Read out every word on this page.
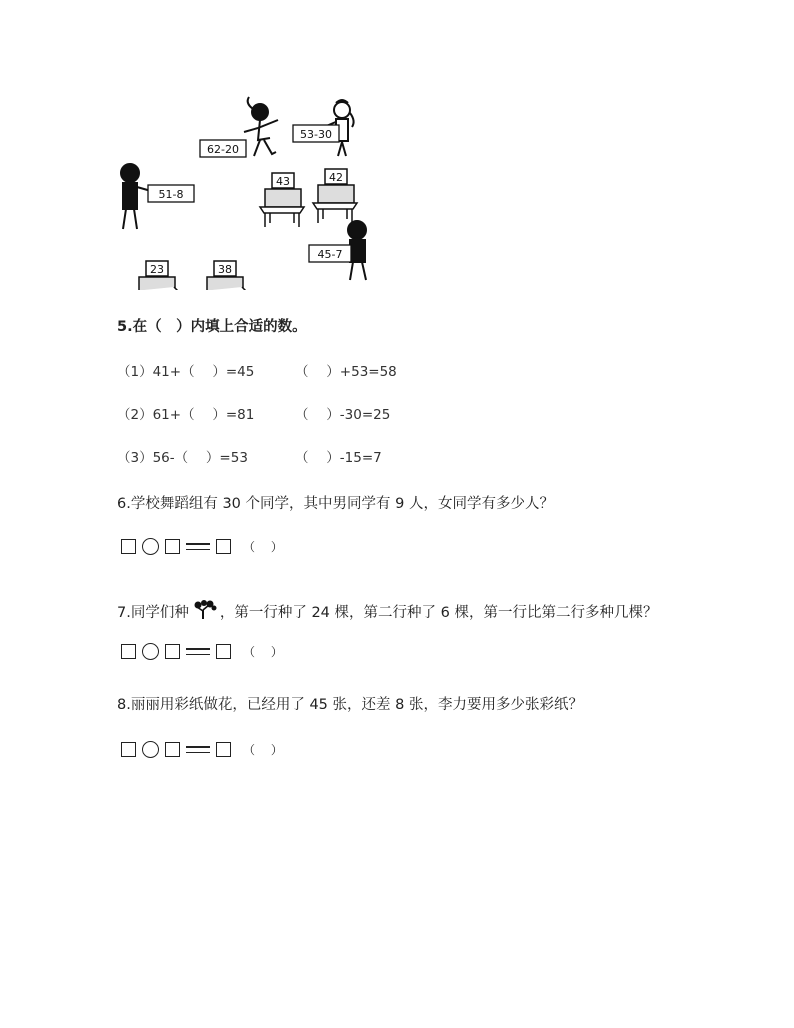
62-20
53-30
51-8
43	42
23	38
45-7
5.在（　）内填上合适的数。
（1）41+（　 ）=45	（　 ）+53=58
（2）61+（　 ）=81	（　 ）-30=25
（3）56-（　 ）=53	（　 ）-15=7
6.学校舞蹈组有 30 个同学，其中男同学有 9 人，女同学有多少人？
（　 ）
7.同学们种 ，第一行种了 24 棵，第二行种了 6 棵，第一行比第二行多种几棵？
（　 ）
8.丽丽用彩纸做花，已经用了 45 张，还差 8 张，李力要用多少张彩纸？
（　 ）
